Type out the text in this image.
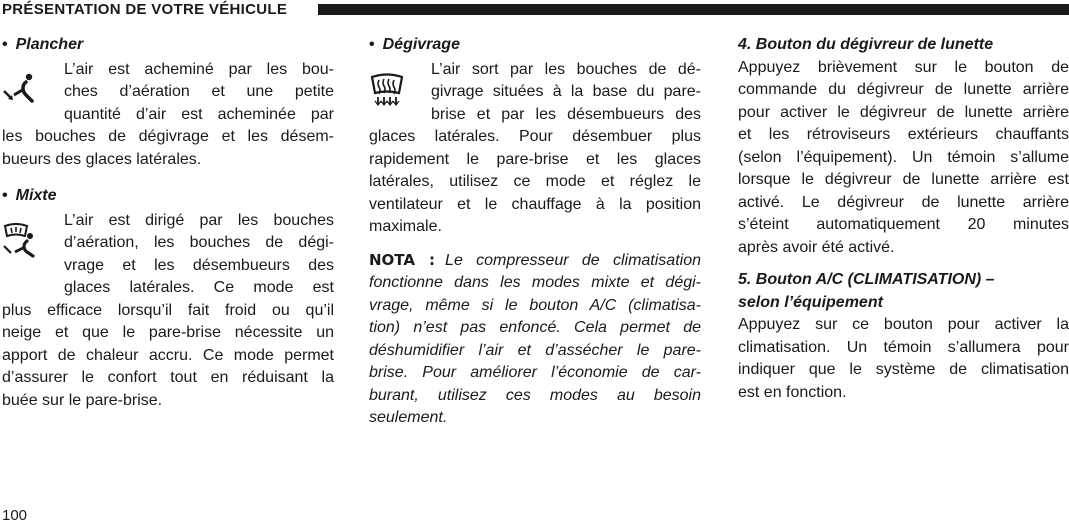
PRÉSENTATION DE VOTRE VÉHICULE
• Plancher
L’air est acheminé par les bou-
ches d’aération et une petite
quantité d’air est acheminée par
les bouches de dégivrage et les désem-
bueurs des glaces latérales.
• Mixte
L’air est dirigé par les bouches
d’aération, les bouches de dégi-
vrage et les désembueurs des
glaces latérales. Ce mode est
plus efficace lorsqu’il fait froid ou qu’il
neige et que le pare-brise nécessite un
apport de chaleur accru. Ce mode permet
d’assurer le confort tout en réduisant la
buée sur le pare-brise.
• Dégivrage
L’air sort par les bouches de dé-
givrage situées à la base du pare-
brise et par les désembueurs des
glaces latérales. Pour désembuer plus
rapidement le pare-brise et les glaces
latérales, utilisez ce mode et réglez le
ventilateur et le chauffage à la position
maximale.
NOTA : Le compresseur de climatisation
fonctionne dans les modes mixte et dégi-
vrage, même si le bouton A/C (climatisa-
tion) n’est pas enfoncé. Cela permet de
déshumidifier l’air et d’assécher le pare-
brise. Pour améliorer l’économie de car-
burant, utilisez ces modes au besoin
seulement.
4. Bouton du dégivreur de lunette
Appuyez brièvement sur le bouton de
commande du dégivreur de lunette arrière
pour activer le dégivreur de lunette arrière
et les rétroviseurs extérieurs chauffants
(selon l’équipement). Un témoin s’allume
lorsque le dégivreur de lunette arrière est
activé. Le dégivreur de lunette arrière
s’éteint automatiquement 20 minutes
après avoir été activé.
5. Bouton A/C (CLIMATISATION) –
selon l’équipement
Appuyez sur ce bouton pour activer la
climatisation. Un témoin s’allumera pour
indiquer que le système de climatisation
est en fonction.
100
